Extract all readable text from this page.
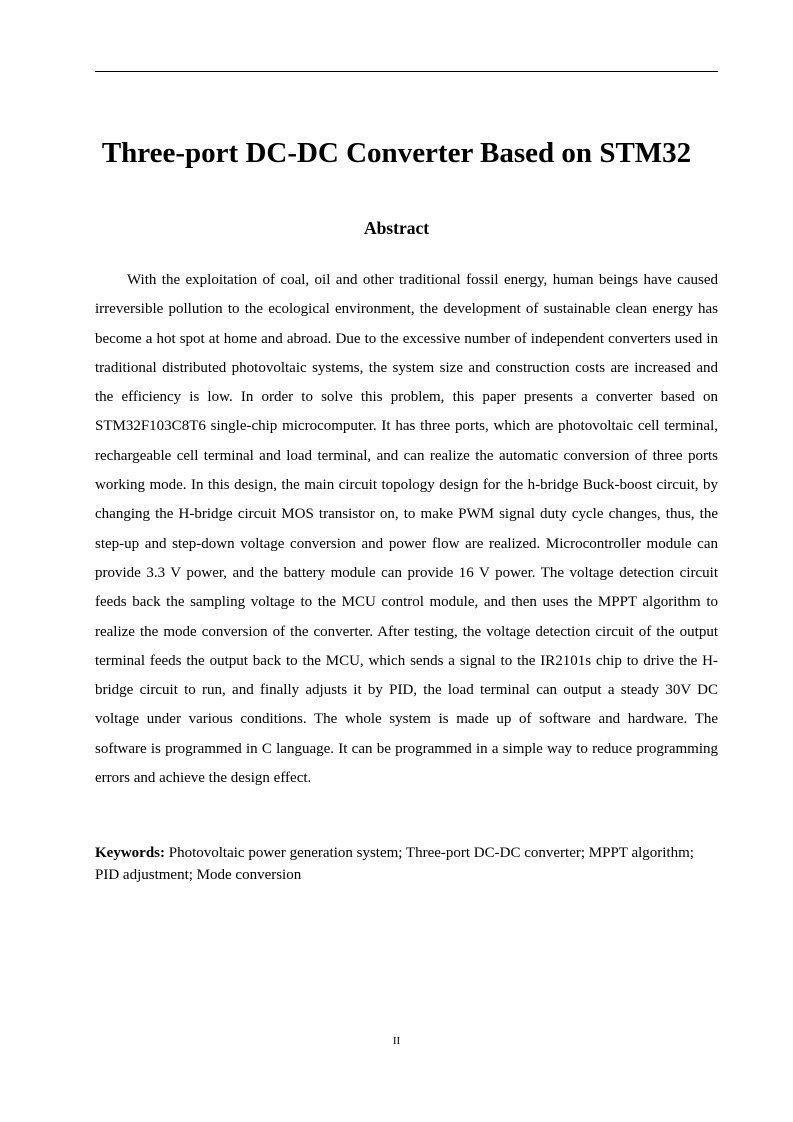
Three-port DC-DC Converter Based on STM32
Abstract

With the exploitation of coal, oil and other traditional fossil energy, human beings have caused irreversible pollution to the ecological environment, the development of sustainable clean energy has become a hot spot at home and abroad. Due to the excessive number of independent converters used in traditional distributed photovoltaic systems, the system size and construction costs are increased and the efficiency is low. In order to solve this problem, this paper presents a converter based on STM32F103C8T6 single-chip microcomputer. It has three ports, which are photovoltaic cell terminal, rechargeable cell terminal and load terminal, and can realize the automatic conversion of three ports working mode. In this design, the main circuit topology design for the h-bridge Buck-boost circuit, by changing the H-bridge circuit MOS transistor on, to make PWM signal duty cycle changes, thus, the step-up and step-down voltage conversion and power flow are realized. Microcontroller module can provide 3.3 V power, and the battery module can provide 16 V power. The voltage detection circuit feeds back the sampling voltage to the MCU control module, and then uses the MPPT algorithm to realize the mode conversion of the converter. After testing, the voltage detection circuit of the output terminal feeds the output back to the MCU, which sends a signal to the IR2101s chip to drive the H-bridge circuit to run, and finally adjusts it by PID, the load terminal can output a steady 30V DC voltage under various conditions. The whole system is made up of software and hardware. The software is programmed in C language. It can be programmed in a simple way to reduce programming errors and achieve the design effect.

Keywords: Photovoltaic power generation system; Three-port DC-DC converter; MPPT algorithm; PID adjustment; Mode conversion

II
